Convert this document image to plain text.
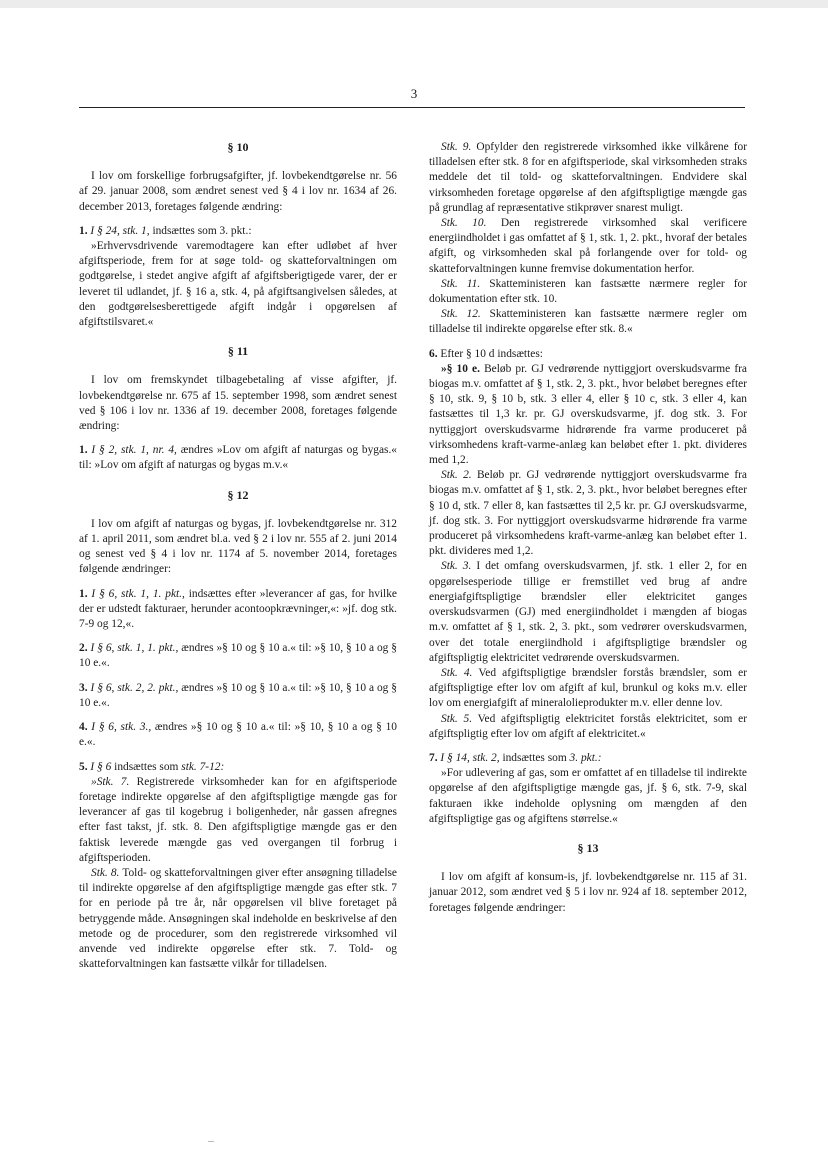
3
§ 10

I lov om forskellige forbrugsafgifter, jf. lovbekendtgørelse nr. 56 af 29. januar 2008, som ændret senest ved § 4 i lov nr. 1634 af 26. december 2013, foretages følgende ændring:

1. I § 24, stk. 1, indsættes som 3. pkt.:

»Erhvervsdrivende varemodtagere kan efter udløbet af hver afgiftsperiode, frem for at søge told- og skatteforvaltningen om godtgørelse, i stedet angive afgift af afgiftsberigtigede varer, der er leveret til udlandet, jf. § 16 a, stk. 4, på afgiftsangivelsen således, at den godtgørelsesberettigede afgift indgår i opgørelsen af afgiftstilsvaret.«

§ 11

I lov om fremskyndet tilbagebetaling af visse afgifter, jf. lovbekendtgørelse nr. 675 af 15. september 1998, som ændret senest ved § 106 i lov nr. 1336 af 19. december 2008, foretages følgende ændring:

1. I § 2, stk. 1, nr. 4, ændres »Lov om afgift af naturgas og bygas.« til: »Lov om afgift af naturgas og bygas m.v.«

§ 12

I lov om afgift af naturgas og bygas, jf. lovbekendtgørelse nr. 312 af 1. april 2011, som ændret bl.a. ved § 2 i lov nr. 555 af 2. juni 2014 og senest ved § 4 i lov nr. 1174 af 5. november 2014, foretages følgende ændringer:

1. I § 6, stk. 1, 1. pkt., indsættes efter »leverancer af gas, for hvilke der er udstedt fakturaer, herunder acontoopkrævninger,«: »jf. dog stk. 7-9 og 12,«.

2. I § 6, stk. 1, 1. pkt., ændres »§ 10 og § 10 a.« til: »§ 10, § 10 a og § 10 e.«.

3. I § 6, stk. 2, 2. pkt., ændres »§ 10 og § 10 a.« til: »§ 10, § 10 a og § 10 e.«.

4. I § 6, stk. 3., ændres »§ 10 og § 10 a.« til: »§ 10, § 10 a og § 10 e.«.

5. I § 6 indsættes som stk. 7-12:

»Stk. 7. Registrerede virksomheder kan for en afgiftsperiode foretage indirekte opgørelse af den afgiftspligtige mængde gas for leverancer af gas til kogebrug i boligenheder, når gassen afregnes efter fast takst, jf. stk. 8. Den afgiftspligtige mængde gas er den faktisk leverede mængde gas ved overgangen til forbrug i afgiftsperioden.

Stk. 8. Told- og skatteforvaltningen giver efter ansøgning tilladelse til indirekte opgørelse af den afgiftspligtige mængde gas efter stk. 7 for en periode på tre år, når opgørelsen vil blive foretaget på betryggende måde. Ansøgningen skal indeholde en beskrivelse af den metode og de procedurer, som den registrerede virksomhed vil anvende ved indirekte opgørelse efter stk. 7. Told- og skatteforvaltningen kan fastsætte vilkår for tilladelsen.

Stk. 9. Opfylder den registrerede virksomhed ikke vilkårene for tilladelsen efter stk. 8 for en afgiftsperiode, skal virksomheden straks meddele det til told- og skatteforvaltningen. Endvidere skal virksomheden foretage opgørelse af den afgiftspligtige mængde gas på grundlag af repræsentative stikprøver snarest muligt.

Stk. 10. Den registrerede virksomhed skal verificere energiindholdet i gas omfattet af § 1, stk. 1, 2. pkt., hvoraf der betales afgift, og virksomheden skal på forlangende over for told- og skatteforvaltningen kunne fremvise dokumentation herfor.

Stk. 11. Skatteministeren kan fastsætte nærmere regler for dokumentation efter stk. 10.

Stk. 12. Skatteministeren kan fastsætte nærmere regler om tilladelse til indirekte opgørelse efter stk. 8.«

6. Efter § 10 d indsættes:

»§ 10 e. Beløb pr. GJ vedrørende nyttiggjort overskudsvarme fra biogas m.v. omfattet af § 1, stk. 2, 3. pkt., hvor beløbet beregnes efter § 10, stk. 9, § 10 b, stk. 3 eller 4, eller § 10 c, stk. 3 eller 4, kan fastsættes til 1,3 kr. pr. GJ overskudsvarme, jf. dog stk. 3. For nyttiggjort overskudsvarme hidrørende fra varme produceret på virksomhedens kraft-varme-anlæg kan beløbet efter 1. pkt. divideres med 1,2.

Stk. 2. Beløb pr. GJ vedrørende nyttiggjort overskudsvarme fra biogas m.v. omfattet af § 1, stk. 2, 3. pkt., hvor beløbet beregnes efter § 10 d, stk. 7 eller 8, kan fastsættes til 2,5 kr. pr. GJ overskudsvarme, jf. dog stk. 3. For nyttiggjort overskudsvarme hidrørende fra varme produceret på virksomhedens kraft-varme-anlæg kan beløbet efter 1. pkt. divideres med 1,2.

Stk. 3. I det omfang overskudsvarmen, jf. stk. 1 eller 2, for en opgørelsesperiode tillige er fremstillet ved brug af andre energiafgiftspligtige brændsler eller elektricitet ganges overskudsvarmen (GJ) med energiindholdet i mængden af biogas m.v. omfattet af § 1, stk. 2, 3. pkt., som vedrører overskudsvarmen, over det totale energiindhold i afgiftspligtige brændsler og afgiftspligtig elektricitet vedrørende overskudsvarmen.

Stk. 4. Ved afgiftspligtige brændsler forstås brændsler, som er afgiftspligtige efter lov om afgift af kul, brunkul og koks m.v. eller lov om energiafgift af mineralolieprodukter m.v. eller denne lov.

Stk. 5. Ved afgiftspligtig elektricitet forstås elektricitet, som er afgiftspligtig efter lov om afgift af elektricitet.«

7. I § 14, stk. 2, indsættes som 3. pkt.:

»For udlevering af gas, som er omfattet af en tilladelse til indirekte opgørelse af den afgiftspligtige mængde gas, jf. § 6, stk. 7-9, skal fakturaen ikke indeholde oplysning om mængden af den afgiftspligtige gas og afgiftens størrelse.«

§ 13

I lov om afgift af konsum-is, jf. lovbekendtgørelse nr. 115 af 31. januar 2012, som ændret ved § 5 i lov nr. 924 af 18. september 2012, foretages følgende ændringer:
